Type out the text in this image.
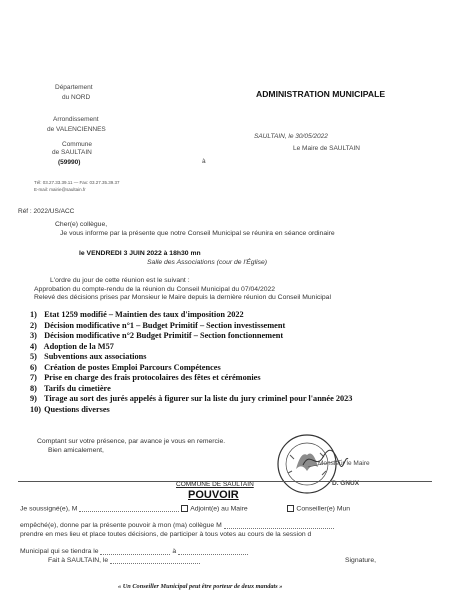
Département
du NORD
Arrondissement
de VALENCIENNES
Commune
de SAULTAIN
(59990)
Tél: 03.27.33.39.11 — Fax: 03.27.35.39.37
E-mail: mairie@saultain.fr
ADMINISTRATION MUNICIPALE
SAULTAIN, le 30/05/2022
Le Maire de SAULTAIN
à
Réf : 2022/US/ACC
Cher(e) collègue,
Je vous informe par la présente que notre Conseil Municipal se réunira en séance ordinaire
le VENDREDI 3 JUIN 2022 à 18h30 mn
Salle des Associations (cour de l'Église)
L'ordre du jour de cette réunion est le suivant :
Approbation du compte-rendu de la réunion du Conseil Municipal du 07/04/2022
Relevé des décisions prises par Monsieur le Maire depuis la dernière réunion du Conseil Municipal
1) Etat 1259 modifié – Maintien des taux d'imposition 2022
2) Décision modificative n°1 – Budget Primitif – Section investissement
3) Décision modificative n°2 Budget Primitif – Section fonctionnement
4) Adoption de la M57
5) Subventions aux associations
6) Création de postes Emploi Parcours Compétences
7) Prise en charge des frais protocolaires des fêtes et cérémonies
8) Tarifs du cimetière
9) Tirage au sort des jurés appelés à figurer sur la liste du jury criminel pour l'année 2023
10) Questions diverses
Comptant sur votre présence, par avance je vous en remercie.
Bien amicalement,
Monsieur le Maire
D. GNUX
COMMUNE DE SAULTAIN
POUVOIR
Je soussigné(e), M	Adjoint(e) au Maire	Conseiller(e) Mun
empêché(e), donne par la présente pouvoir à mon (ma) collègue M
prendre en mes lieu et place toutes décisions, de participer à tous votes au cours de la session d
Municipal qui se tiendra le	à
Fait à SAULTAIN, le	Signature,
« Un Conseiller Municipal peut être porteur de deux mandats »
